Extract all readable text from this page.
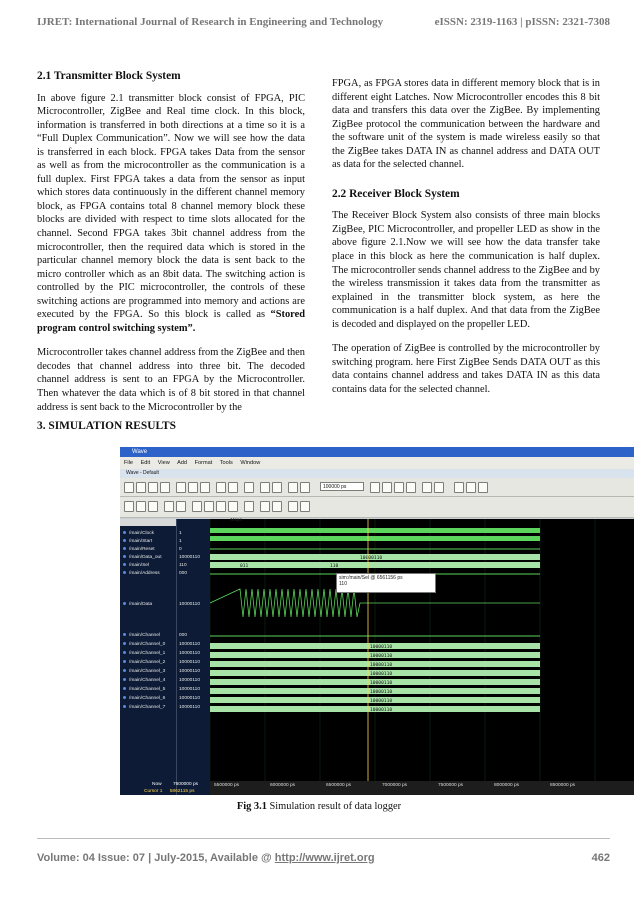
IJRET: International Journal of Research in Engineering and Technology	eISSN: 2319-1163 | pISSN: 2321-7308
2.1 Transmitter Block System

In above figure 2.1 transmitter block consist of FPGA, PIC Microcontroller, ZigBee and Real time clock. In this block, information is transferred in both directions at a time so it is a “Full Duplex Communication”. Now we will see how the data is transferred in each block. FPGA takes Data from the sensor as well as from the microcontroller as the communication is a full duplex. First FPGA takes a data from the sensor as input which stores data continuously in the different channel memory block, as FPGA contains total 8 channel memory block these blocks are divided with respect to time slots allocated for the channel. Second FPGA takes 3bit channel address from the microcontroller, then the required data which is stored in the particular channel memory block the data is sent back to the micro controller which as an 8bit data. The switching action is controlled by the PIC microcontroller, the controls of these switching actions are programmed into memory and actions are executed by the FPGA. So this block is called as “Stored program control switching system”.

Microcontroller takes channel address from the ZigBee and then decodes that channel address into three bit. The decoded channel address is sent to an FPGA by the Microcontroller. Then whatever the data which is of 8 bit stored in that channel address is sent back to the Microcontroller by the

FPGA, as FPGA stores data in different memory block that is in different eight Latches. Now Microcontroller encodes this 8 bit data and transfers this data over the ZigBee. By implementing ZigBee protocol the communication between the hardware and the software unit of the system is made wireless easily so that the ZigBee takes DATA IN as channel address and DATA OUT as data for the selected channel.

2.2 Receiver Block System

The Receiver Block System also consists of three main blocks ZigBee, PIC Microcontroller, and propeller LED as show in the above figure 2.1.Now we will see how the data transfer take place in this block as here the communication is half duplex. The microcontroller sends channel address to the ZigBee and by the wireless transmission it takes data from the transmitter as explained in the transmitter block system, as here the communication is a half duplex. And that data from the ZigBee is decoded and displayed on the propeller LED.

The operation of ZigBee is controlled by the microcontroller by switching program. here First ZigBee Sends DATA OUT as this data contains channel address and takes DATA IN as this data contains data for the selected channel.

3. SIMULATION RESULTS
Wave
File Edit View Add Format Tools Window
Wave - Default
100000 ps
/main/Clock
/main/Start
/main/Reset
/main/Data_out
/main/Sel
/main/Address
/main/Data
/main/Channel
/main/Channel_0
/main/Channel_1
/main/Channel_2
/main/Channel_3
/main/Channel_4
/main/Channel_5
/main/Channel_6
/main/Channel_7
1
1
0
10000110
110
000
10000110
000
10000110
10000110
10000110
10000110
10000110
10000110
10000110
10000110
Msgs
10000110
011	110
10000110
10000110
10000110
10000110
10000110
10000110
10000110
10000110
sim:/main/Sel @ 6561156 ps
110
Now 7600000 ps
Cursor 1 5862115 ps
5500000 ps	6000000 ps	6500000 ps	7000000 ps	7500000 ps	8000000 ps	8500000 ps
Fig 3.1 Simulation result of data logger
Volume: 04 Issue: 07 | July-2015, Available @ http://www.ijret.org	462
